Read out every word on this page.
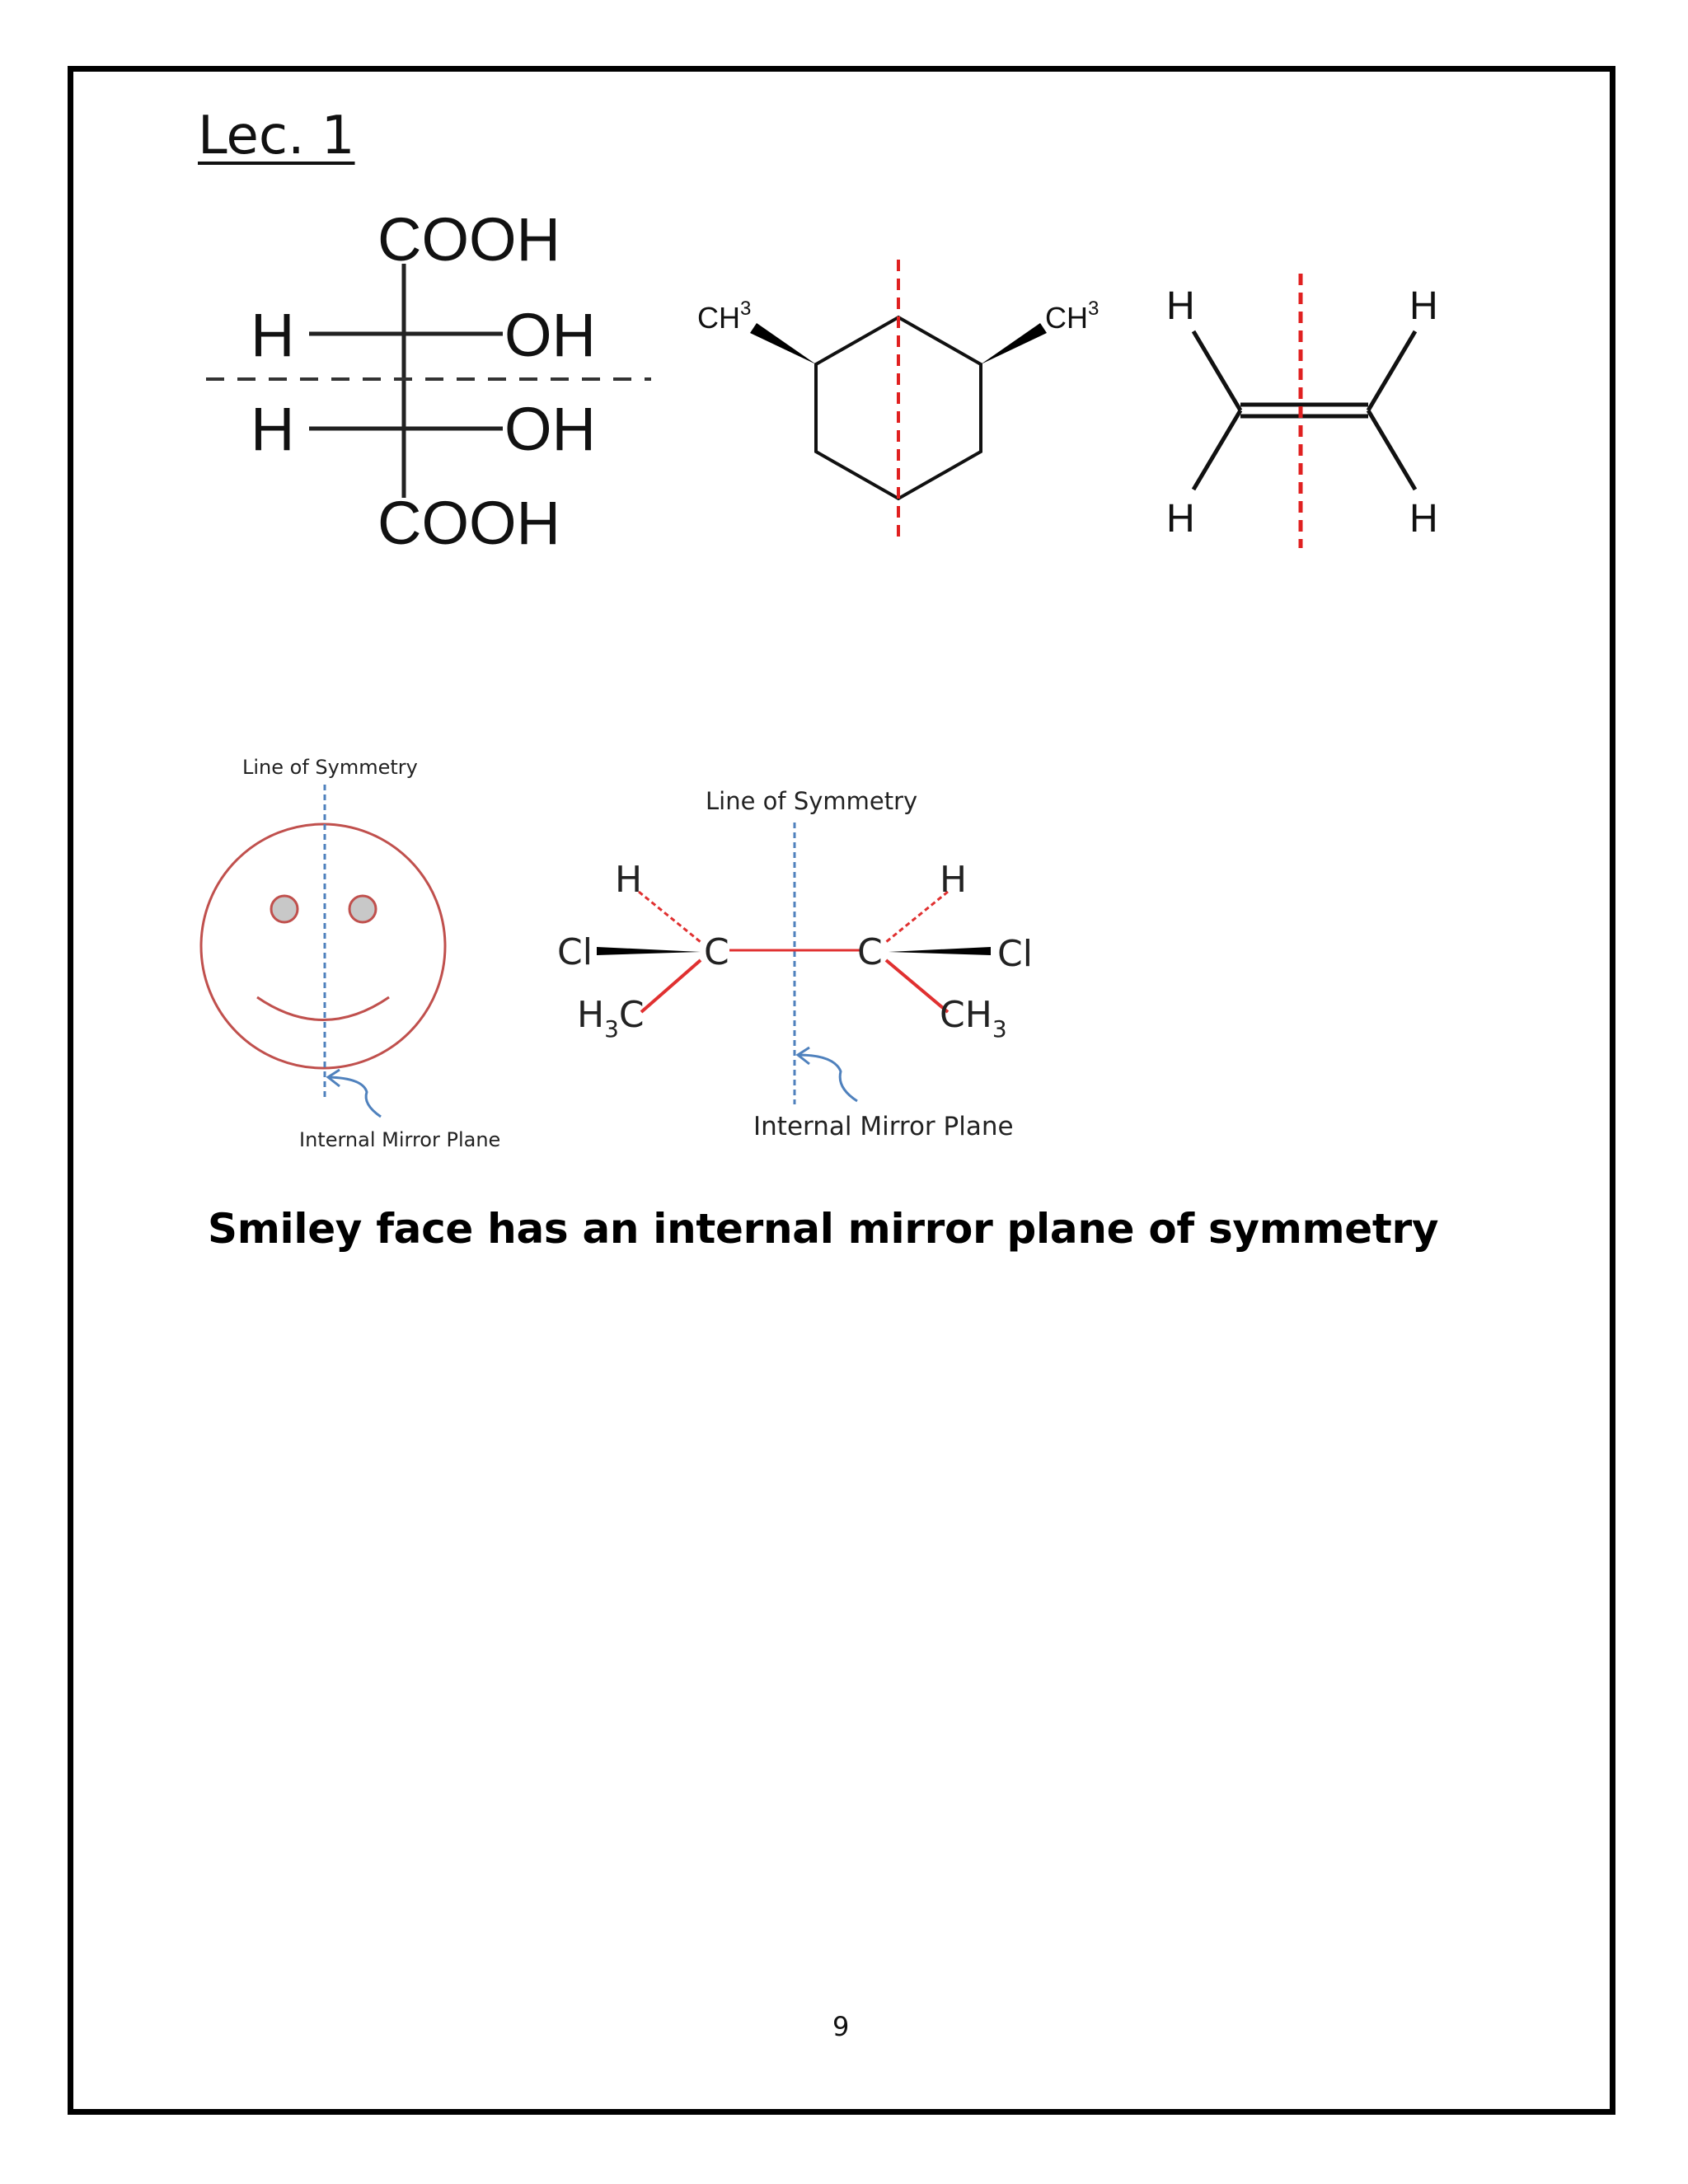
Lec. 1
COOH
COOH
H
H
OH
OH
$CH^3$	$CH^3$ H	H
H	H
Line of Symmetry
Internal Mirror Plane
Line of Symmetry
Cl	Cl
H	H
C	C
$H_3C$	$CH_3$
Internal Mirror Plane
Smiley face has an internal mirror plane of symmetry
9
